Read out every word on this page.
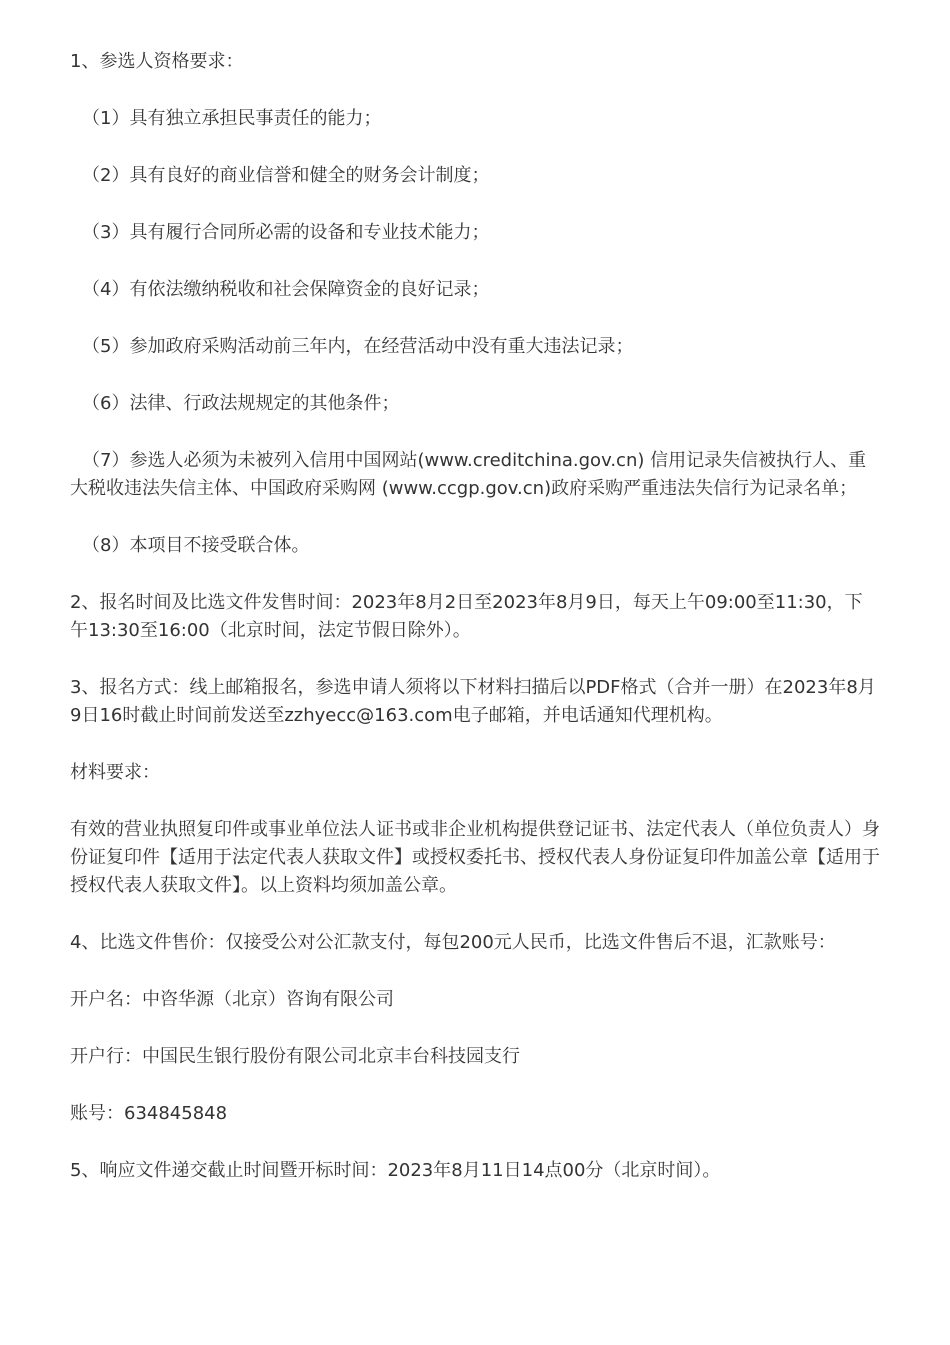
1、参选人资格要求：

（1）具有独立承担民事责任的能力；

（2）具有良好的商业信誉和健全的财务会计制度；

（3）具有履行合同所必需的设备和专业技术能力；

（4）有依法缴纳税收和社会保障资金的良好记录；

（5）参加政府采购活动前三年内，在经营活动中没有重大违法记录；

（6）法律、行政法规规定的其他条件；

（7）参选人必须为未被列入信用中国网站(www.creditchina.gov.cn) 信用记录失信被执行人、重大税收违法失信主体、中国政府采购网 (www.ccgp.gov.cn)政府采购严重违法失信行为记录名单；

（8）本项目不接受联合体。

2、报名时间及比选文件发售时间：2023年8月2日至2023年8月9日，每天上午09:00至11:30，下午13:30至16:00（北京时间，法定节假日除外）。

3、报名方式：线上邮箱报名，参选申请人须将以下材料扫描后以PDF格式（合并一册）在2023年8月9日16时截止时间前发送至zzhyecc@163.com电子邮箱，并电话通知代理机构。

材料要求：

有效的营业执照复印件或事业单位法人证书或非企业机构提供登记证书、法定代表人（单位负责人）身份证复印件【适用于法定代表人获取文件】或授权委托书、授权代表人身份证复印件加盖公章【适用于授权代表人获取文件】。以上资料均须加盖公章。

4、比选文件售价：仅接受公对公汇款支付，每包200元人民币，比选文件售后不退，汇款账号：

开户名：中咨华源（北京）咨询有限公司

开户行：中国民生银行股份有限公司北京丰台科技园支行

账号：634845848

5、响应文件递交截止时间暨开标时间：2023年8月11日14点00分（北京时间）。
